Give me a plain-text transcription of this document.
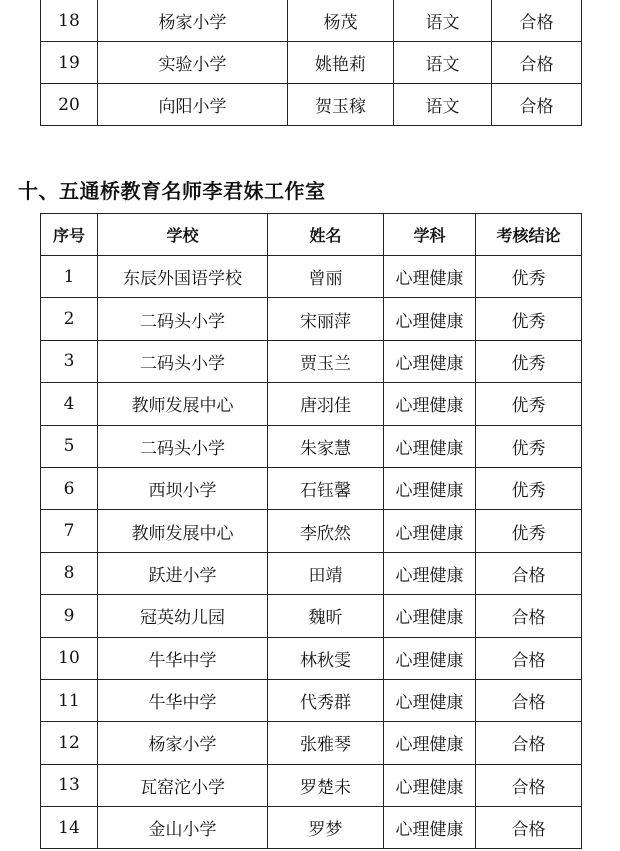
18	杨家小学	杨茂	语文	合格
19	实验小学	姚艳莉	语文	合格
20	向阳小学	贺玉稼	语文	合格
十、五通桥教育名师李君妹工作室
序号	学校	姓名	学科	考核结论
1	东辰外国语学校	曾丽	心理健康	优秀
2	二码头小学	宋丽萍	心理健康	优秀
3	二码头小学	贾玉兰	心理健康	优秀
4	教师发展中心	唐羽佳	心理健康	优秀
5	二码头小学	朱家慧	心理健康	优秀
6	西坝小学	石钰馨	心理健康	优秀
7	教师发展中心	李欣然	心理健康	优秀
8	跃进小学	田靖	心理健康	合格
9	冠英幼儿园	魏昕	心理健康	合格
10	牛华中学	林秋雯	心理健康	合格
11	牛华中学	代秀群	心理健康	合格
12	杨家小学	张雅琴	心理健康	合格
13	瓦窑沱小学	罗楚未	心理健康	合格
14	金山小学	罗梦	心理健康	合格
